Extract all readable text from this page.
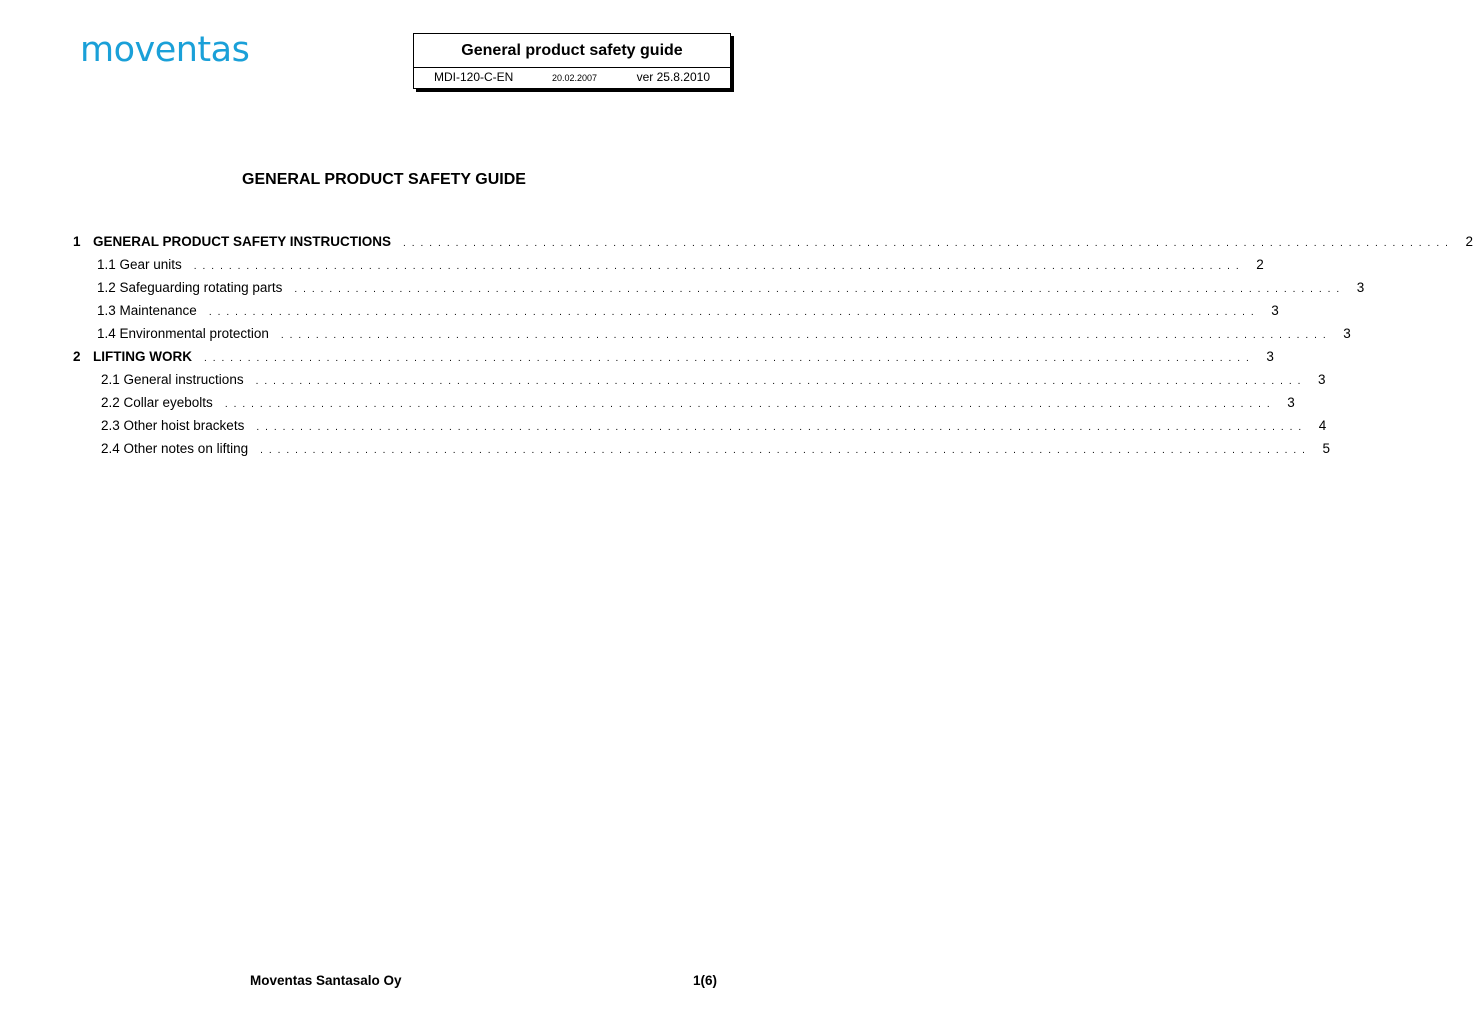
moventas	General product safety guide
MDI-120-C-EN	20.02.2007	ver 25.8.2010
GENERAL PRODUCT SAFETY GUIDE
1 GENERAL PRODUCT SAFETY INSTRUCTIONS . . . . . . . . . . . . . . . . . . . . . . . . . . . . . . . . . . . . . . . . . . . . . . . . . . . . . . . . . . . . . . . . . . . . . . . . . . . . . . . . . . . . . . . . . . . . . . . . . . . . . . . . . . . . . . . . . . . . . . . . 2
1.1 Gear units . . . . . . . . . . . . . . . . . . . . . . . . . . . . . . . . . . . . . . . . . . . . . . . . . . . . . . . . . . . . . . . . . . . . . . . . . . . . . . . . . . . . . . . . . . . . . . . . . . . . . . . . . . . . . . . . . . . . . . . . 2
1.2 Safeguarding rotating parts . . . . . . . . . . . . . . . . . . . . . . . . . . . . . . . . . . . . . . . . . . . . . . . . . . . . . . . . . . . . . . . . . . . . . . . . . . . . . . . . . . . . . . . . . . . . . . . . . . . . . . . . . . . . . . . . . . . . . . . . 3
1.3 Maintenance . . . . . . . . . . . . . . . . . . . . . . . . . . . . . . . . . . . . . . . . . . . . . . . . . . . . . . . . . . . . . . . . . . . . . . . . . . . . . . . . . . . . . . . . . . . . . . . . . . . . . . . . . . . . . . . . . . . . . . . . 3
1.4 Environmental protection . . . . . . . . . . . . . . . . . . . . . . . . . . . . . . . . . . . . . . . . . . . . . . . . . . . . . . . . . . . . . . . . . . . . . . . . . . . . . . . . . . . . . . . . . . . . . . . . . . . . . . . . . . . . . . . . . . . . . . . . 3
2 LIFTING WORK . . . . . . . . . . . . . . . . . . . . . . . . . . . . . . . . . . . . . . . . . . . . . . . . . . . . . . . . . . . . . . . . . . . . . . . . . . . . . . . . . . . . . . . . . . . . . . . . . . . . . . . . . . . . . . . . . . . . . . . . 3
2.1 General instructions . . . . . . . . . . . . . . . . . . . . . . . . . . . . . . . . . . . . . . . . . . . . . . . . . . . . . . . . . . . . . . . . . . . . . . . . . . . . . . . . . . . . . . . . . . . . . . . . . . . . . . . . . . . . . . . . . . . . . . . . 3
2.2 Collar eyebolts . . . . . . . . . . . . . . . . . . . . . . . . . . . . . . . . . . . . . . . . . . . . . . . . . . . . . . . . . . . . . . . . . . . . . . . . . . . . . . . . . . . . . . . . . . . . . . . . . . . . . . . . . . . . . . . . . . . . . . . . 3
2.3 Other hoist brackets . . . . . . . . . . . . . . . . . . . . . . . . . . . . . . . . . . . . . . . . . . . . . . . . . . . . . . . . . . . . . . . . . . . . . . . . . . . . . . . . . . . . . . . . . . . . . . . . . . . . . . . . . . . . . . . . . . . . . . . . 4
2.4 Other notes on lifting . . . . . . . . . . . . . . . . . . . . . . . . . . . . . . . . . . . . . . . . . . . . . . . . . . . . . . . . . . . . . . . . . . . . . . . . . . . . . . . . . . . . . . . . . . . . . . . . . . . . . . . . . . . . . . . . . . . . . . . . 5
Moventas Santasalo Oy	1(6)
